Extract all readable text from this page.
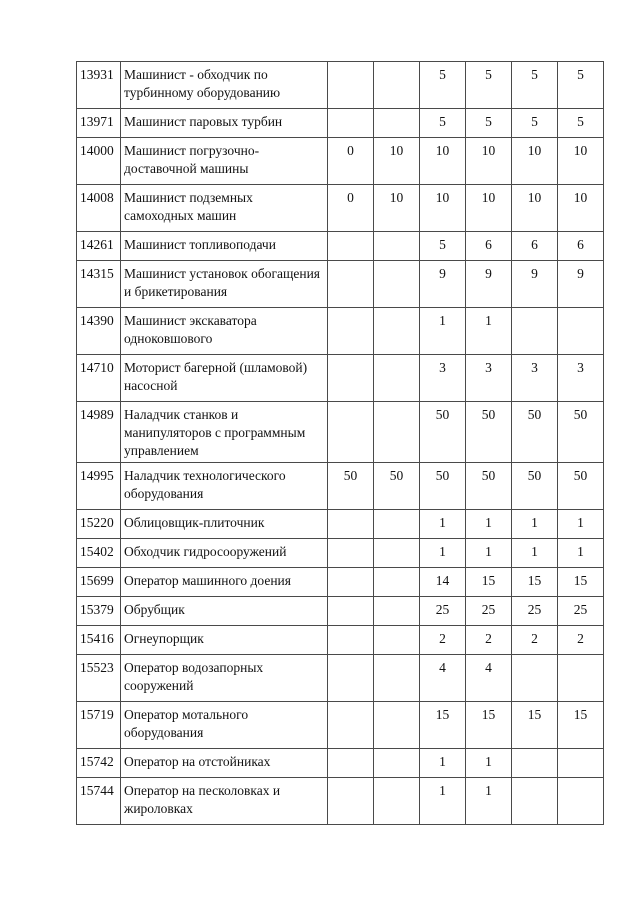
13931	Машинист - обходчик по турбинному оборудованию			5	5	5	5
13971	Машинист паровых турбин			5	5	5	5
14000	Машинист погрузочно-доставочной машины	0	10	10	10	10	10
14008	Машинист подземных самоходных машин	0	10	10	10	10	10
14261	Машинист топливоподачи			5	6	6	6
14315	Машинист установок обогащения и брикетирования			9	9	9	9
14390	Машинист экскаватора одноковшового			1	1		
14710	Моторист багерной (шламовой) насосной			3	3	3	3
14989	Наладчик станков и манипуляторов с программным управлением			50	50	50	50
14995	Наладчик технологического оборудования	50	50	50	50	50	50
15220	Облицовщик-плиточник			1	1	1	1
15402	Обходчик гидросооружений			1	1	1	1
15699	Оператор машинного доения			14	15	15	15
15379	Обрубщик			25	25	25	25
15416	Огнеупорщик			2	2	2	2
15523	Оператор водозапорных сооружений			4	4		
15719	Оператор мотального оборудования			15	15	15	15
15742	Оператор на отстойниках			1	1		
15744	Оператор на песколовках и жироловках			1	1		
